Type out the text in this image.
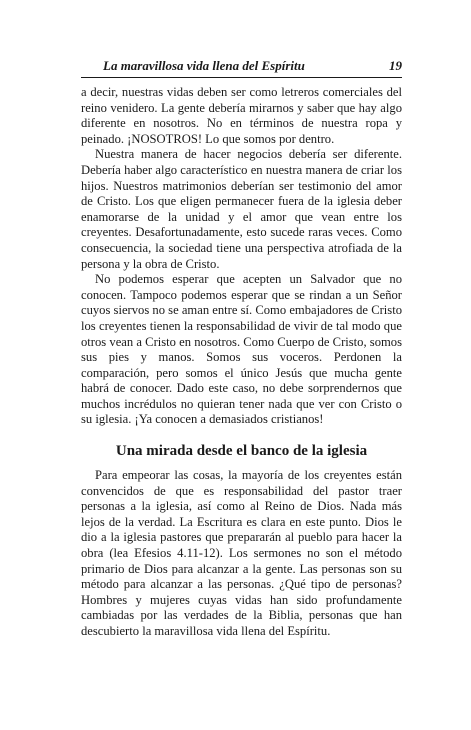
La maravillosa vida llena del Espíritu	19

a decir, nuestras vidas deben ser como letreros comerciales del reino venidero. La gente debería mirarnos y saber que hay algo diferente en nosotros. No en términos de nuestra ropa y peinado. ¡NOSOTROS! Lo que somos por dentro.

Nuestra manera de hacer negocios debería ser diferente. Debería haber algo característico en nuestra manera de criar los hijos. Nuestros matrimonios deberían ser testimonio del amor de Cristo. Los que eligen permanecer fuera de la iglesia deber enamorarse de la unidad y el amor que vean entre los creyentes. Desafortunadamente, esto sucede raras veces. Como consecuencia, la sociedad tiene una perspectiva atrofiada de la persona y la obra de Cristo.

No podemos esperar que acepten un Salvador que no conocen. Tampoco podemos esperar que se rindan a un Señor cuyos siervos no se aman entre sí. Como embajadores de Cristo los creyentes tienen la responsabilidad de vivir de tal modo que otros vean a Cristo en nosotros. Como Cuerpo de Cristo, somos sus pies y manos. Somos sus voceros. Perdonen la comparación, pero somos el único Jesús que mucha gente habrá de conocer. Dado este caso, no debe sorprendernos que muchos incrédulos no quieran tener nada que ver con Cristo o su iglesia. ¡Ya conocen a demasiados cristianos!

Una mirada desde el banco de la iglesia

Para empeorar las cosas, la mayoría de los creyentes están convencidos de que es responsabilidad del pastor traer personas a la iglesia, así como al Reino de Dios. Nada más lejos de la verdad. La Escritura es clara en este punto. Dios le dio a la iglesia pastores que prepararán al pueblo para hacer la obra (lea Efesios 4.11-12). Los sermones no son el método primario de Dios para alcanzar a la gente. Las personas son su método para alcanzar a las personas. ¿Qué tipo de personas? Hombres y mujeres cuyas vidas han sido profundamente cambiadas por las verdades de la Biblia, personas que han descubierto la maravillosa vida llena del Espíritu.
